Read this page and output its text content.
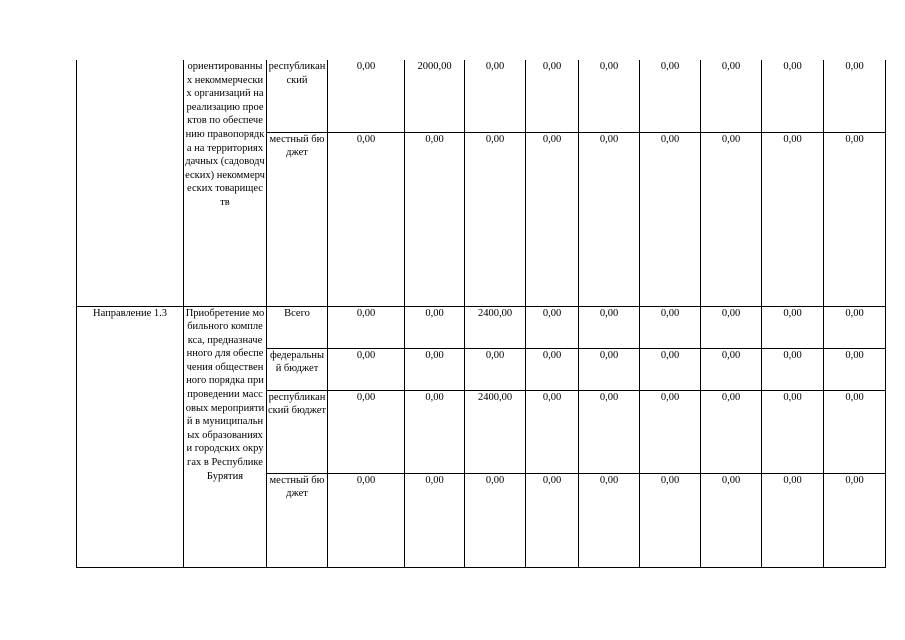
	ориентированных некоммерческих организаций на реализацию проектов по обеспечению правопорядка на территориях дачных (садоводческих) некоммерческих товариществ	республиканский	0,00	2000,00	0,00	0,00	0,00	0,00	0,00	0,00	0,00
		местный бюджет	0,00	0,00	0,00	0,00	0,00	0,00	0,00	0,00	0,00
Направление 1.3	Приобретение мобильного комплекса, предназначенного для обеспечения общественного порядка при проведении массовых мероприятий в муниципальных образованиях и городских округах в Республике Бурятия	Всего	0,00	0,00	2400,00	0,00	0,00	0,00	0,00	0,00	0,00
		федеральный бюджет	0,00	0,00	0,00	0,00	0,00	0,00	0,00	0,00	0,00
		республиканский бюджет	0,00	0,00	2400,00	0,00	0,00	0,00	0,00	0,00	0,00
		местный бюджет	0,00	0,00	0,00	0,00	0,00	0,00	0,00	0,00	0,00
